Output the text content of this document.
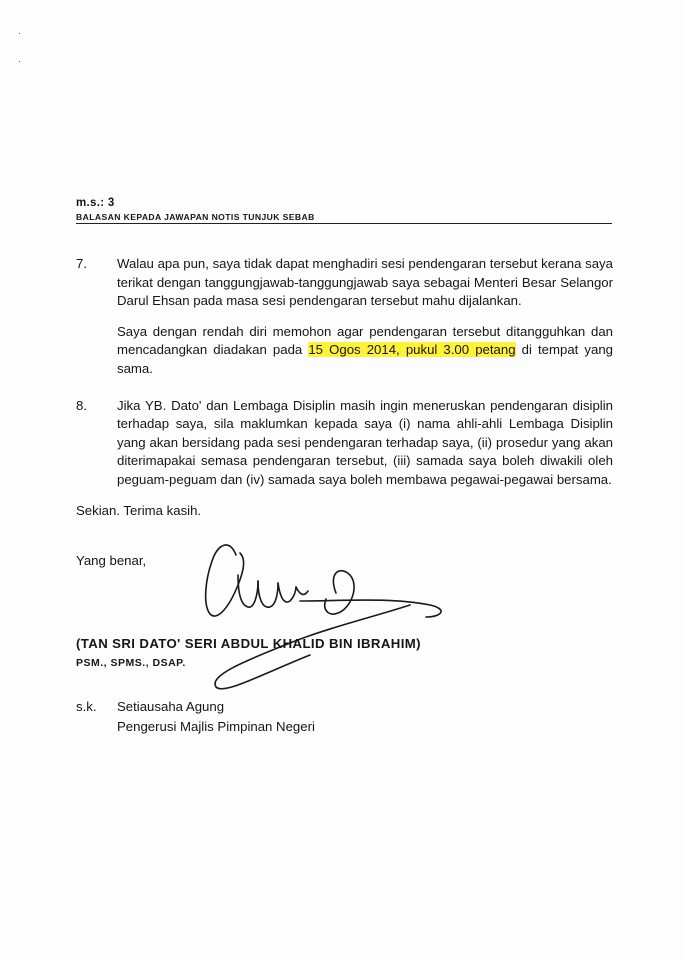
·
·
m.s.: 3
BALASAN KEPADA JAWAPAN NOTIS TUNJUK SEBAB
7.	Walau apa pun, saya tidak dapat menghadiri sesi pendengaran tersebut kerana saya terikat dengan tanggungjawab-tanggungjawab saya sebagai Menteri Besar Selangor Darul Ehsan pada masa sesi pendengaran tersebut mahu dijalankan.

Saya dengan rendah diri memohon agar pendengaran tersebut ditangguhkan dan mencadangkan diadakan pada 15 Ogos 2014, pukul 3.00 petang di tempat yang sama.

8.	Jika YB. Dato' dan Lembaga Disiplin masih ingin meneruskan pendengaran disiplin terhadap saya, sila maklumkan kepada saya (i) nama ahli-ahli Lembaga Disiplin yang akan bersidang pada sesi pendengaran terhadap saya, (ii) prosedur yang akan diterimapakai semasa pendengaran tersebut, (iii) samada saya boleh diwakili oleh peguam-peguam dan (iv) samada saya boleh membawa pegawai-pegawai bersama.

Sekian. Terima kasih.
Yang benar,
(TAN SRI DATO' SERI ABDUL KHALID BIN IBRAHIM)
PSM., SPMS., DSAP.
s.k.	Setiausaha Agung
Pengerusi Majlis Pimpinan Negeri
